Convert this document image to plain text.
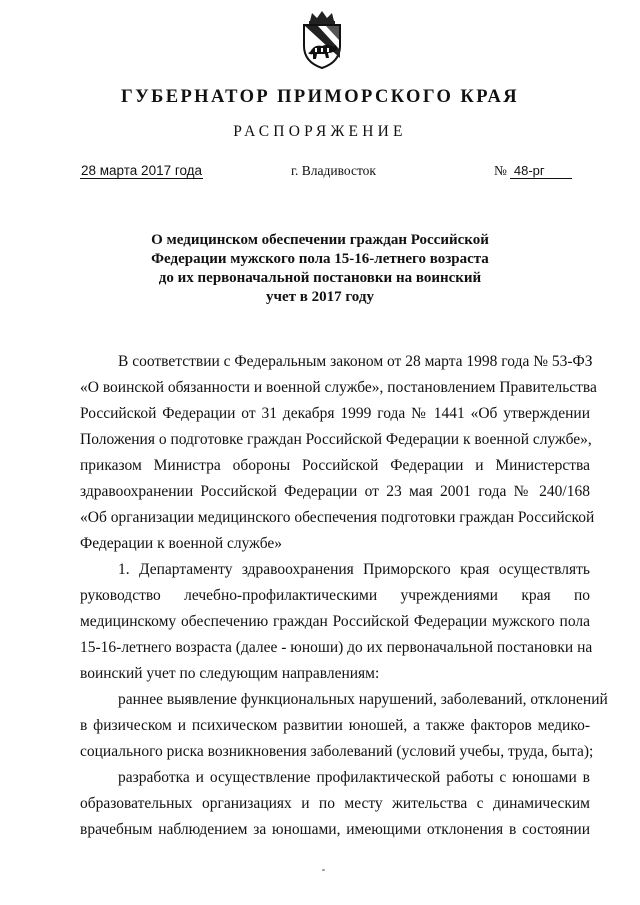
ГУБЕРНАТОР ПРИМОРСКОГО КРАЯ
РАСПОРЯЖЕНИЕ
28 марта 2017 года	г. Владивосток	№ 48-рг
О медицинском обеспечении граждан Российской
Федерации мужского пола 15-16-летнего возраста
до их первоначальной постановки на воинский
учет в 2017 году
В соответствии с Федеральным законом от 28 марта 1998 года № 53-ФЗ
«О воинской обязанности и военной службе», постановлением Правительства
Российской Федерации от 31 декабря 1999 года № 1441 «Об утверждении
Положения о подготовке граждан Российской Федерации к военной службе»,
приказом Министра обороны Российской Федерации и Министерства
здравоохранении Российской Федерации от 23 мая 2001 года № 240/168
«Об организации медицинского обеспечения подготовки граждан Российской
Федерации к военной службе»
1. Департаменту здравоохранения Приморского края осуществлять
руководство лечебно-профилактическими учреждениями края по
медицинскому обеспечению граждан Российской Федерации мужского пола
15-16-летнего возраста (далее - юноши) до их первоначальной постановки на
воинский учет по следующим направлениям:
раннее выявление функциональных нарушений, заболеваний, отклонений
в физическом и психическом развитии юношей, а также факторов медико-
социального риска возникновения заболеваний (условий учебы, труда, быта);
разработка и осуществление профилактической работы с юношами в
образовательных организациях и по месту жительства с динамическим
врачебным наблюдением за юношами, имеющими отклонения в состоянии
